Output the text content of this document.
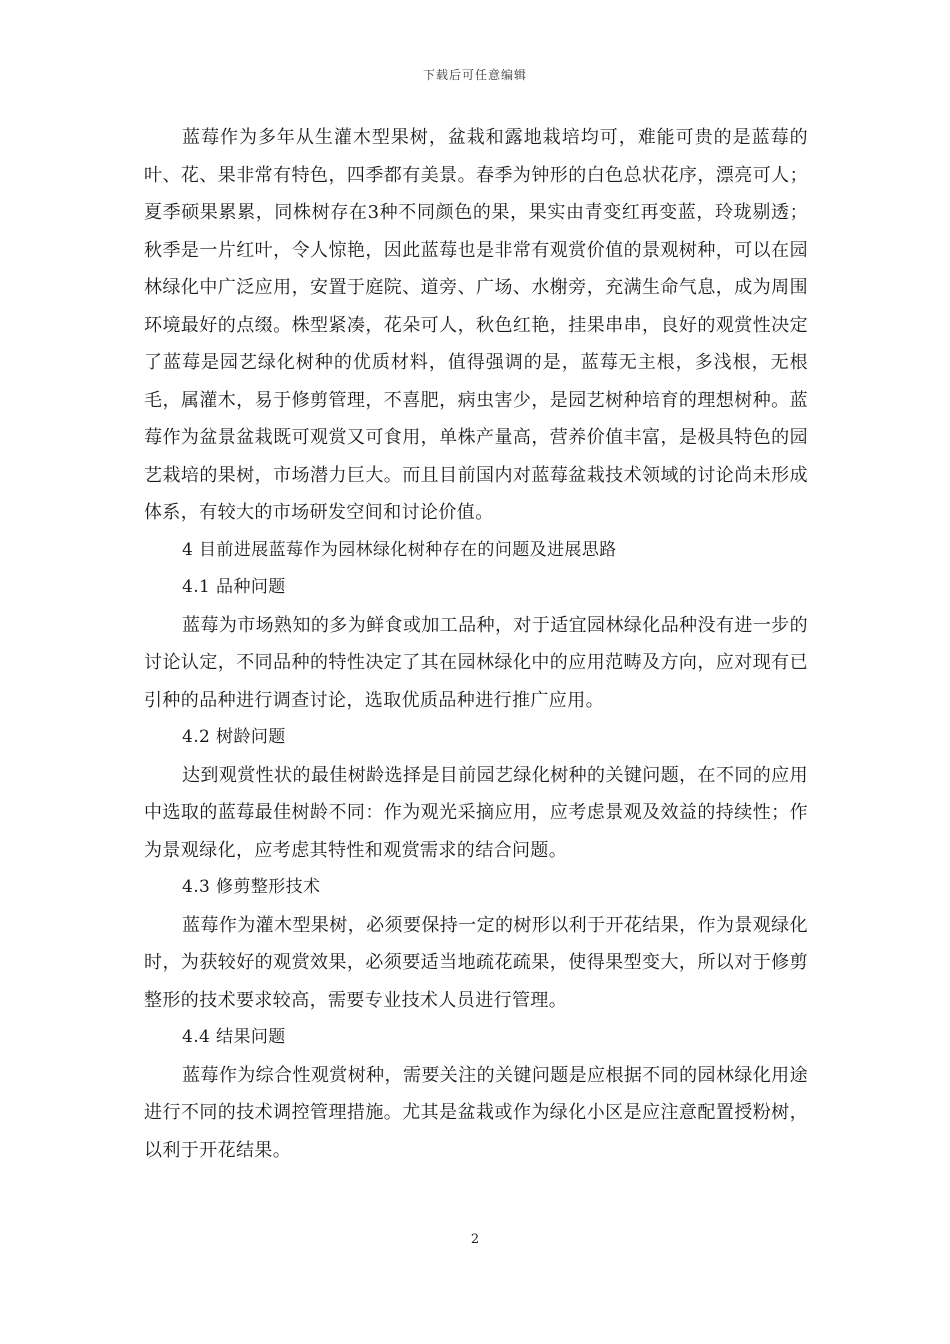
下载后可任意编辑

蓝莓作为多年从生灌木型果树，盆栽和露地栽培均可，难能可贵的是蓝莓的叶、花、果非常有特色，四季都有美景。春季为钟形的白色总状花序，漂亮可人；夏季硕果累累，同株树存在3种不同颜色的果，果实由青变红再变蓝，玲珑剔透；秋季是一片红叶，令人惊艳，因此蓝莓也是非常有观赏价值的景观树种，可以在园林绿化中广泛应用，安置于庭院、道旁、广场、水榭旁，充满生命气息，成为周围环境最好的点缀。株型紧凑，花朵可人，秋色红艳，挂果串串，良好的观赏性决定了蓝莓是园艺绿化树种的优质材料，值得强调的是，蓝莓无主根，多浅根，无根毛，属灌木，易于修剪管理，不喜肥，病虫害少，是园艺树种培育的理想树种。蓝莓作为盆景盆栽既可观赏又可食用，单株产量高，营养价值丰富，是极具特色的园艺栽培的果树，市场潜力巨大。而且目前国内对蓝莓盆栽技术领域的讨论尚未形成体系，有较大的市场研发空间和讨论价值。

4 目前进展蓝莓作为园林绿化树种存在的问题及进展思路

4.1 品种问题

蓝莓为市场熟知的多为鲜食或加工品种，对于适宜园林绿化品种没有进一步的讨论认定，不同品种的特性决定了其在园林绿化中的应用范畴及方向，应对现有已引种的品种进行调查讨论，选取优质品种进行推广应用。

4.2 树龄问题

达到观赏性状的最佳树龄选择是目前园艺绿化树种的关键问题，在不同的应用中选取的蓝莓最佳树龄不同：作为观光采摘应用，应考虑景观及效益的持续性；作为景观绿化，应考虑其特性和观赏需求的结合问题。

4.3 修剪整形技术

蓝莓作为灌木型果树，必须要保持一定的树形以利于开花结果，作为景观绿化时，为获较好的观赏效果，必须要适当地疏花疏果，使得果型变大，所以对于修剪整形的技术要求较高，需要专业技术人员进行管理。

4.4 结果问题

蓝莓作为综合性观赏树种，需要关注的关键问题是应根据不同的园林绿化用途进行不同的技术调控管理措施。尤其是盆栽或作为绿化小区是应注意配置授粉树，以利于开花结果。

2
